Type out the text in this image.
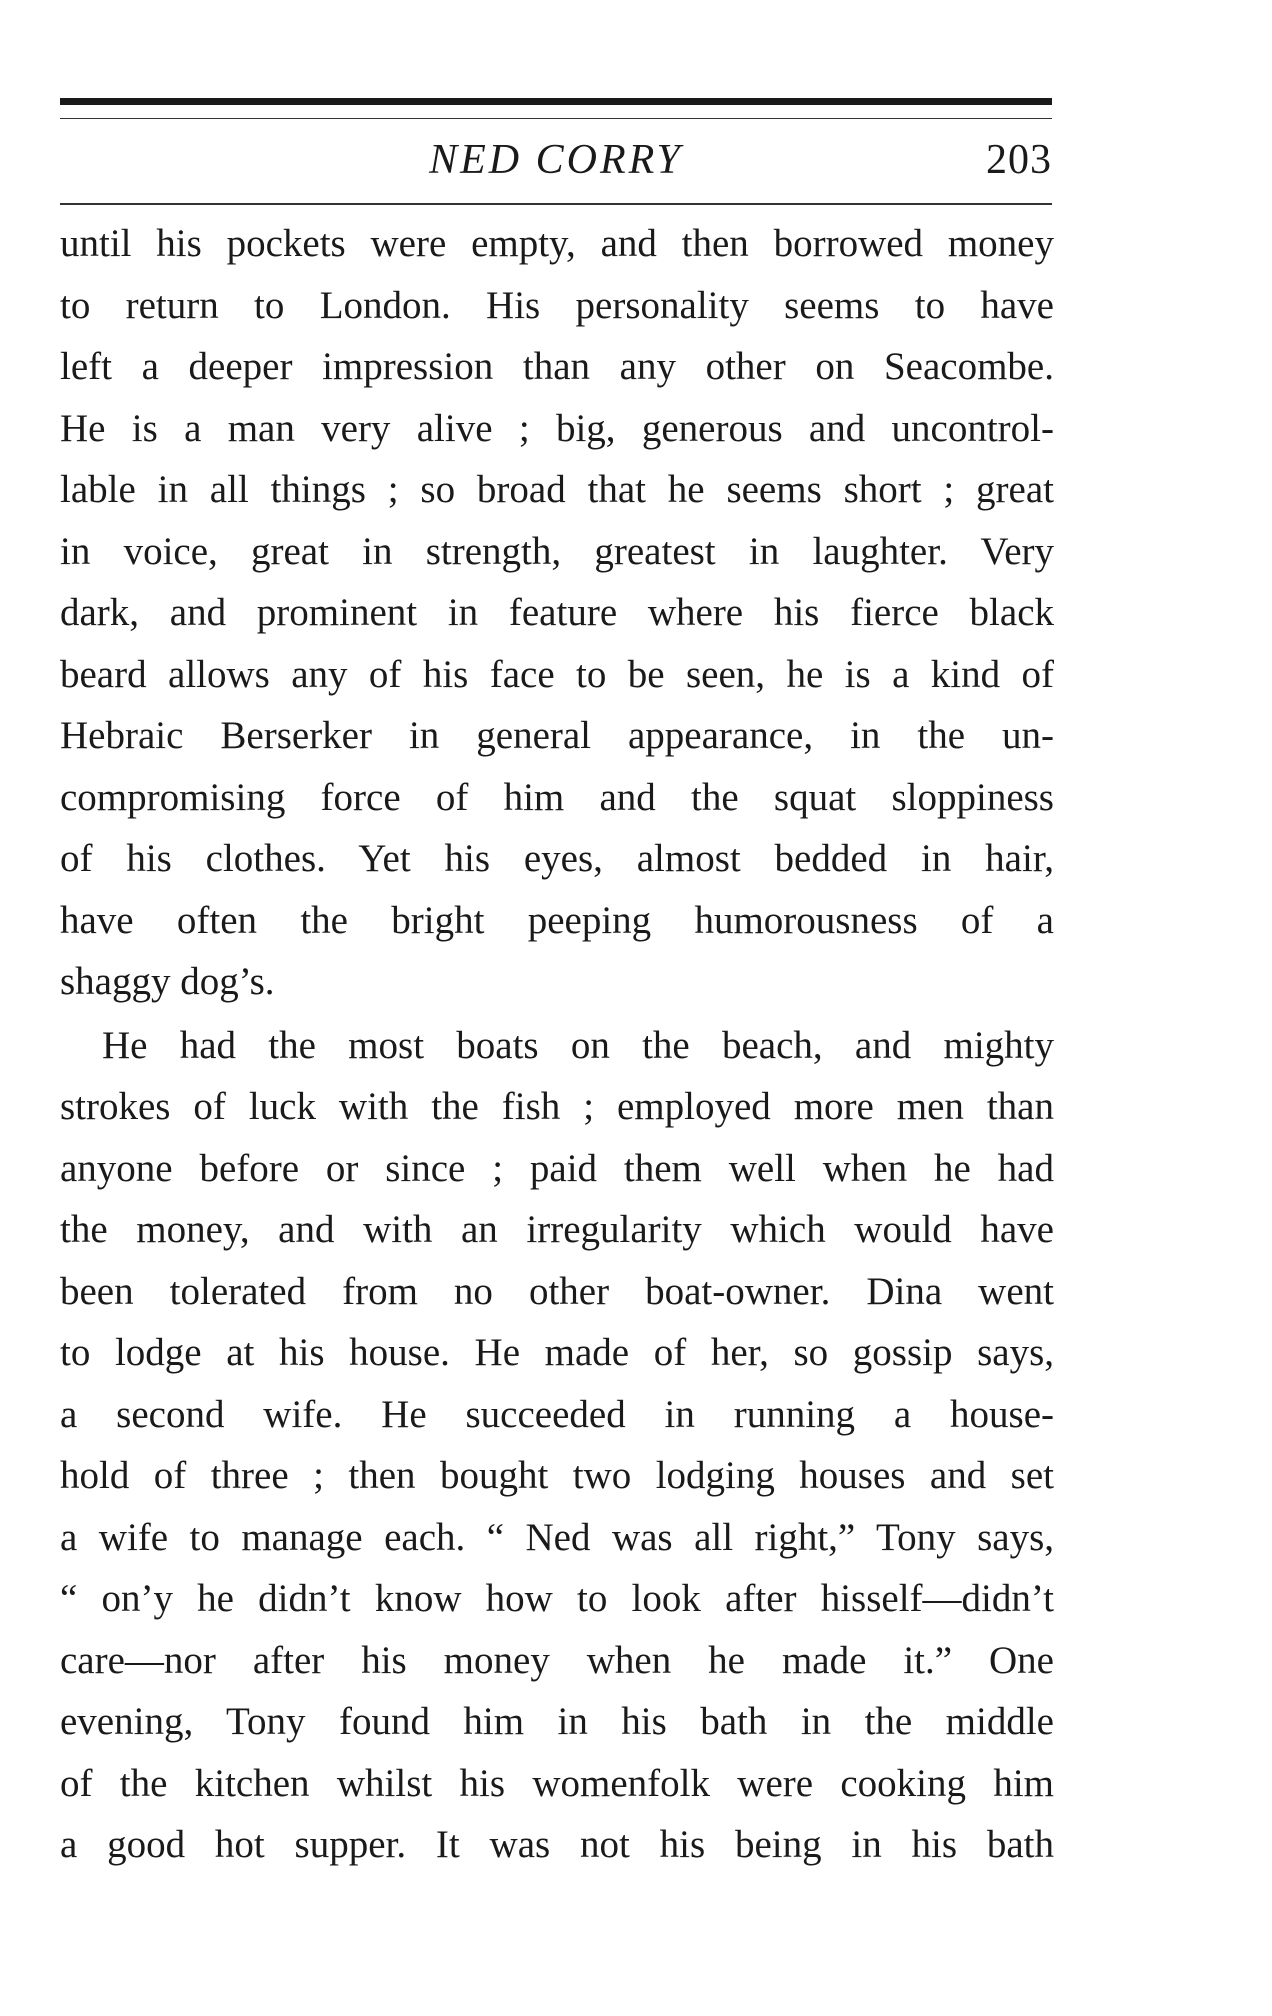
NED CORRY	203
until his pockets were empty, and then borrowed money
to return to London. His personality seems to have
left a deeper impression than any other on Seacombe.
He is a man very alive ; big, generous and uncontrol-
lable in all things ; so broad that he seems short ; great
in voice, great in strength, greatest in laughter. Very
dark, and prominent in feature where his fierce black
beard allows any of his face to be seen, he is a kind of
Hebraic Berserker in general appearance, in the un-
compromising force of him and the squat sloppiness
of his clothes. Yet his eyes, almost bedded in hair,
have often the bright peeping humorousness of a
shaggy dog’s.
He had the most boats on the beach, and mighty
strokes of luck with the fish ; employed more men than
anyone before or since ; paid them well when he had
the money, and with an irregularity which would have
been tolerated from no other boat-owner. Dina went
to lodge at his house. He made of her, so gossip says,
a second wife. He succeeded in running a house-
hold of three ; then bought two lodging houses and set
a wife to manage each. “ Ned was all right,” Tony says,
“ on’y he didn’t know how to look after hisself—didn’t
care—nor after his money when he made it.” One
evening, Tony found him in his bath in the middle
of the kitchen whilst his womenfolk were cooking him
a good hot supper. It was not his being in his bath
